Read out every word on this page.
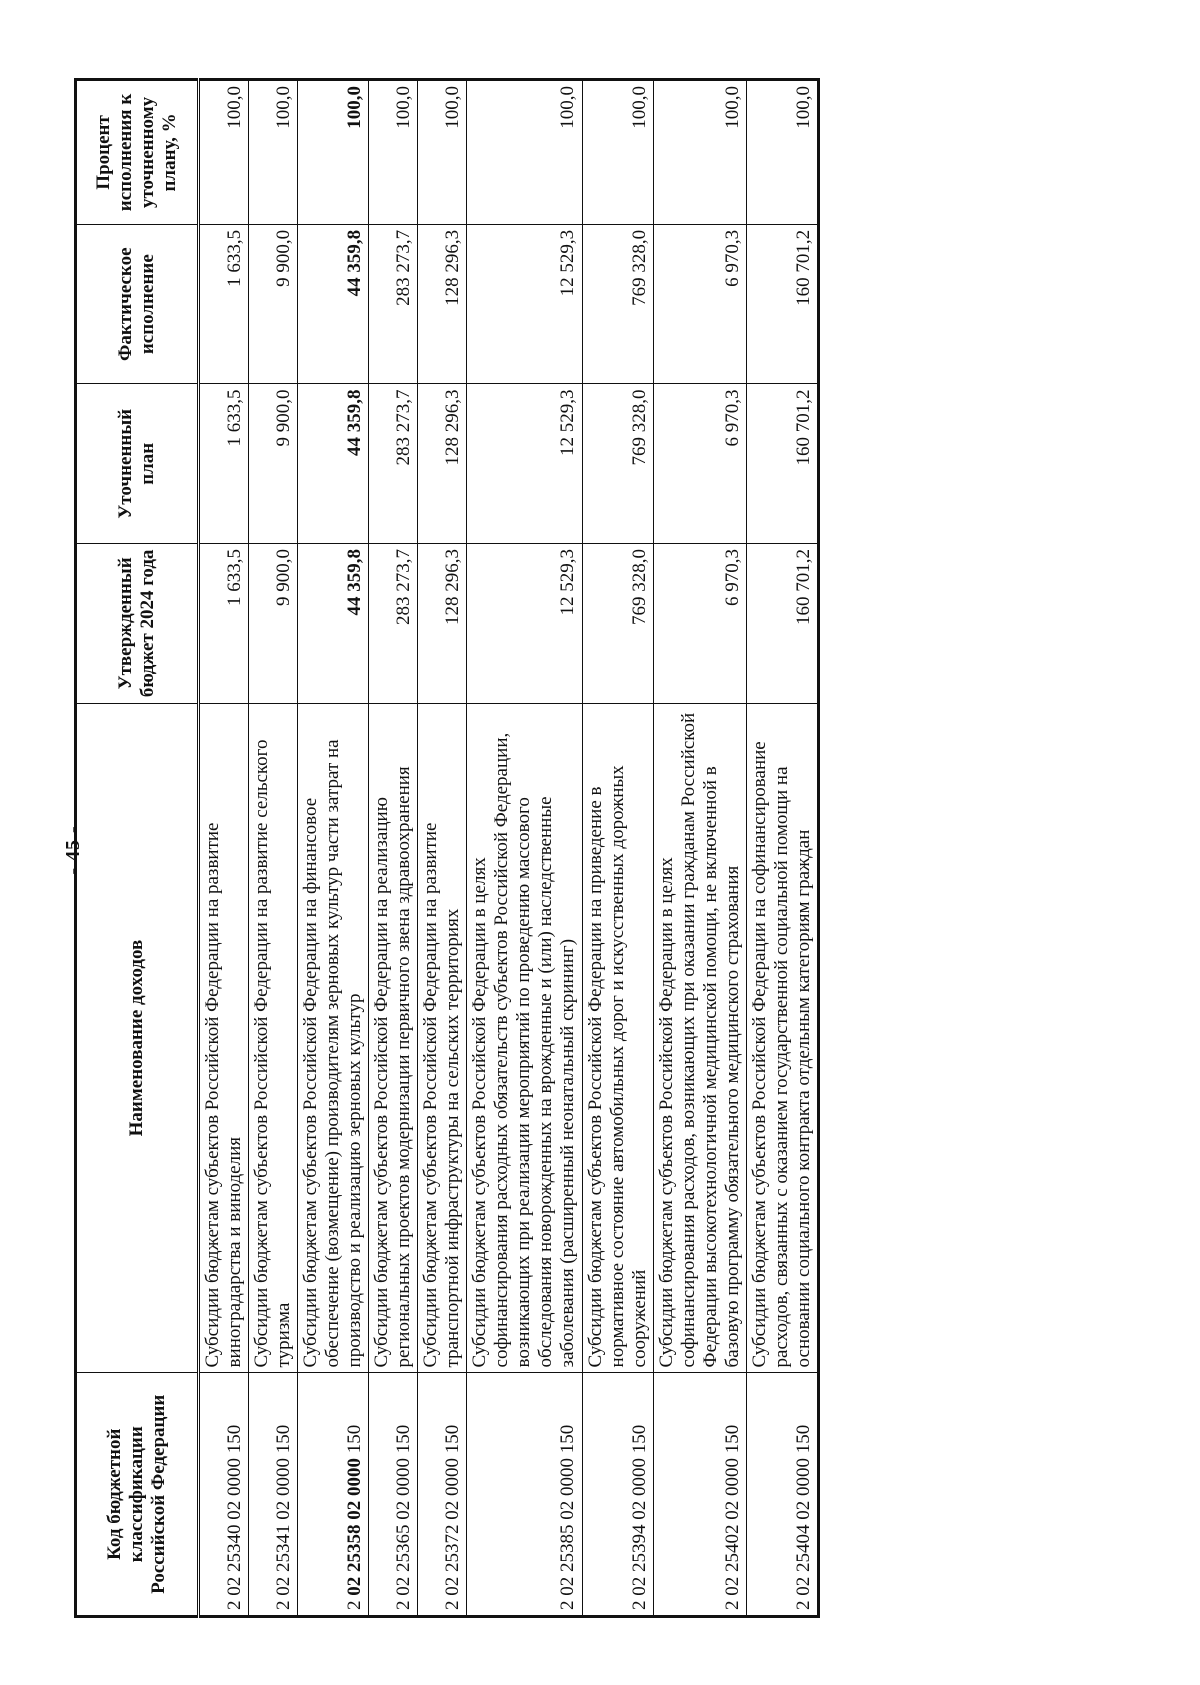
- 45 -
Код бюджетной классификации Российской Федерации	Наименование доходов	Утвержденный бюджет 2024 года	Уточненный план	Фактическое исполнение	Процент исполнения к уточненному плану, %
2 02 25340 02 0000 150	Субсидии бюджетам субъектов Российской Федерации на развитие виноградарства и виноделия	1 633,5	1 633,5	1 633,5	100,0
2 02 25341 02 0000 150	Субсидии бюджетам субъектов Российской Федерации на развитие сельского туризма	9 900,0	9 900,0	9 900,0	100,0
2 02 25358 02 0000 150	Субсидии бюджетам субъектов Российской Федерации на финансовое обеспечение (возмещение) производителям зерновых культур части затрат на производство и реализацию зерновых культур	44 359,8	44 359,8	44 359,8	100,0
2 02 25365 02 0000 150	Субсидии бюджетам субъектов Российской Федерации на реализацию региональных проектов модернизации первичного звена здравоохранения	283 273,7	283 273,7	283 273,7	100,0
2 02 25372 02 0000 150	Субсидии бюджетам субъектов Российской Федерации на развитие транспортной инфраструктуры на сельских территориях	128 296,3	128 296,3	128 296,3	100,0
2 02 25385 02 0000 150	Субсидии бюджетам субъектов Российской Федерации в целях софинансирования расходных обязательств субъектов Российской Федерации, возникающих при реализации мероприятий по проведению массового обследования новорожденных на врожденные и (или) наследственные заболевания (расширенный неонатальный скрининг)	12 529,3	12 529,3	12 529,3	100,0
2 02 25394 02 0000 150	Субсидии бюджетам субъектов Российской Федерации на приведение в нормативное состояние автомобильных дорог и искусственных дорожных сооружений	769 328,0	769 328,0	769 328,0	100,0
2 02 25402 02 0000 150	Субсидии бюджетам субъектов Российской Федерации в целях софинансирования расходов, возникающих при оказании гражданам Российской Федерации высокотехнологичной медицинской помощи, не включенной в базовую программу обязательного медицинского страхования	6 970,3	6 970,3	6 970,3	100,0
2 02 25404 02 0000 150	Субсидии бюджетам субъектов Российской Федерации на софинансирование расходов, связанных с оказанием государственной социальной помощи на основании социального контракта отдельным категориям граждан	160 701,2	160 701,2	160 701,2	100,0
